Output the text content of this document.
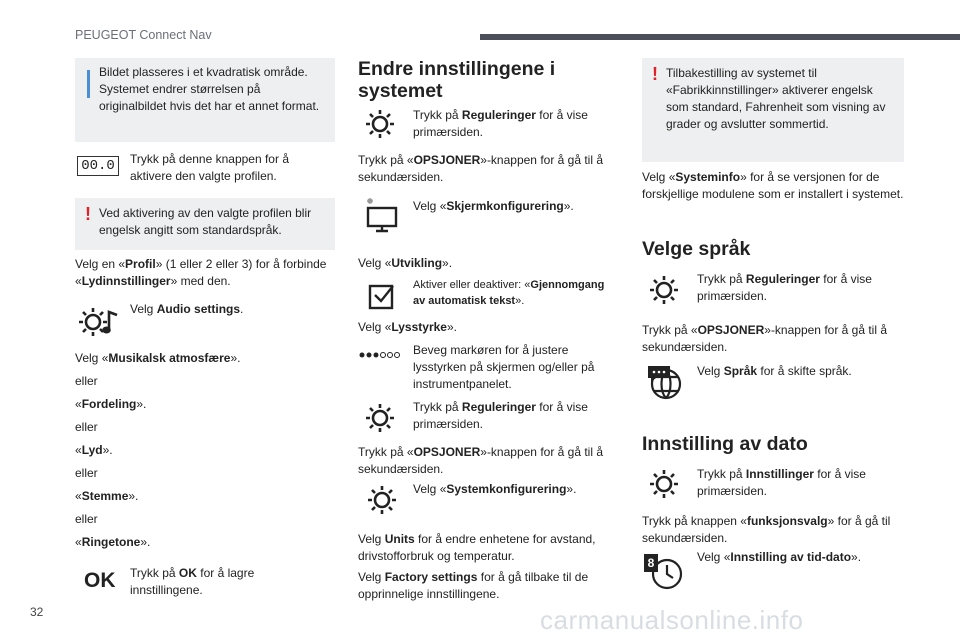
PEUGEOT Connect Nav
Bildet plasseres i et kvadratisk område. Systemet endrer størrelsen på originalbildet hvis det har et annet format.
00.0	Trykk på denne knappen for å aktivere den valgte profilen.
! Ved aktivering av den valgte profilen blir engelsk angitt som standardspråk.
Velg en «Profil» (1 eller 2 eller 3) for å forbinde «Lydinnstillinger» med den.
Velg Audio settings.
Velg «Musikalsk atmosfære».
eller
«Fordeling».
eller
«Lyd».
eller
«Stemme».
eller
«Ringetone».
OK Trykk på OK for å lagre innstillingene.
Endre innstillingene i systemet
Trykk på Reguleringer for å vise primærsiden.
Trykk på «OPSJONER»-knappen for å gå til å sekundærsiden.
Velg «Skjermkonfigurering».
Velg «Utvikling».
Aktiver eller deaktiver: «Gjennomgang av automatisk tekst».
Velg «Lysstyrke».
Beveg markøren for å justere lysstyrken på skjermen og/eller på instrumentpanelet.
Trykk på Reguleringer for å vise primærsiden.
Trykk på «OPSJONER»-knappen for å gå til å sekundærsiden.
Velg «Systemkonfigurering».
Velg Units for å endre enhetene for avstand, drivstofforbruk og temperatur.
Velg Factory settings for å gå tilbake til de opprinnelige innstillingene.
! Tilbakestilling av systemet til «Fabrikkinnstillinger» aktiverer engelsk som standard, Fahrenheit som visning av grader og avslutter sommertid.
Velg «Systeminfo» for å se versjonen for de forskjellige modulene som er installert i systemet.
Velge språk
Trykk på Reguleringer for å vise primærsiden.
Trykk på «OPSJONER»-knappen for å gå til å sekundærsiden.
Velg Språk for å skifte språk.
Innstilling av dato
Trykk på Innstillinger for å vise primærsiden.
Trykk på knappen «funksjonsvalg» for å gå til sekundærsiden.
8	Velg «Innstilling av tid-dato».
32	carmanualsonline.info
